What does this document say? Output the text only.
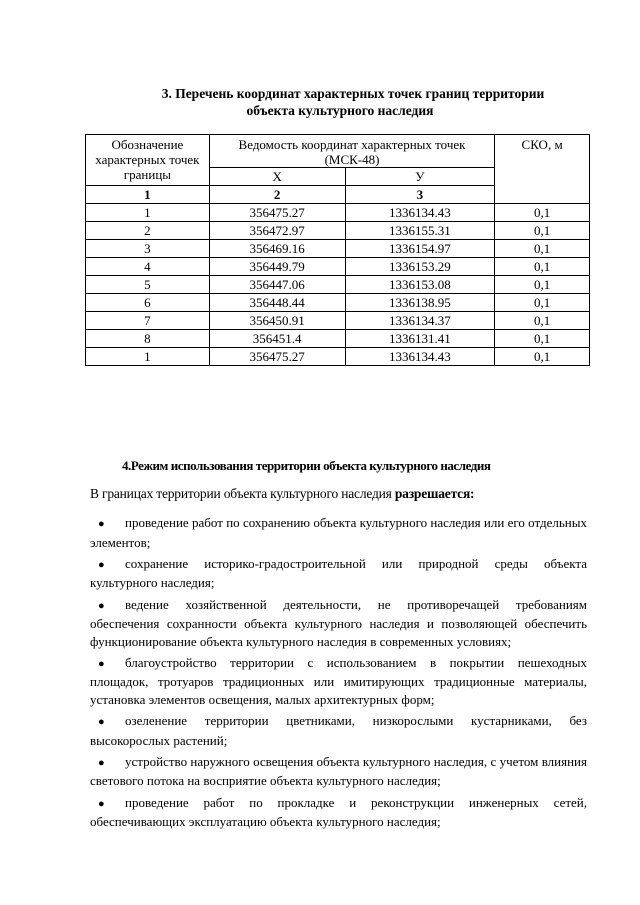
3. Перечень координат характерных точек границ территории
объекта культурного наследия
Обозначение характерных точек границы	Ведомость координат характерных точек (МСК-48)		СКО, м
	Х	У	
1	2	3	
1	356475.27	1336134.43	0,1
2	356472.97	1336155.31	0,1
3	356469.16	1336154.97	0,1
4	356449.79	1336153.29	0,1
5	356447.06	1336153.08	0,1
6	356448.44	1336138.95	0,1
7	356450.91	1336134.37	0,1
8	356451.4	1336131.41	0,1
1	356475.27	1336134.43	0,1
4.Режим использования территории объекта культурного наследия
В границах территории объекта культурного наследия разрешается:
● проведение работ по сохранению объекта культурного наследия или его отдельных элементов;
● сохранение историко-градостроительной или природной среды объекта культурного наследия;
● ведение хозяйственной деятельности, не противоречащей требованиям обеспечения сохранности объекта культурного наследия и позволяющей обеспечить функционирование объекта культурного наследия в современных условиях;
● благоустройство территории с использованием в покрытии пешеходных площадок, тротуаров традиционных или имитирующих традиционные материалы, установка элементов освещения, малых архитектурных форм;
● озеленение территории цветниками, низкорослыми кустарниками, без высокорослых растений;
● устройство наружного освещения объекта культурного наследия, с учетом влияния светового потока на восприятие объекта культурного наследия;
● проведение работ по прокладке и реконструкции инженерных сетей, обеспечивающих эксплуатацию объекта культурного наследия;
